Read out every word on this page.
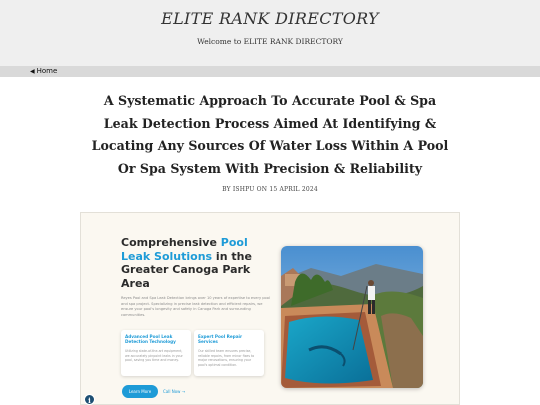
ELITE RANK DIRECTORY
Welcome to ELITE RANK DIRECTORY
◀ Home
A Systematic Approach To Accurate Pool & Spa Leak Detection Process Aimed At Identifying & Locating Any Sources Of Water Loss Within A Pool Or Spa System With Precision & Reliability
BY ISHPU ON 15 APRIL 2024
Comprehensive Pool Leak Solutions in the Greater Canoga Park Area
Reyes Pool and Spa Leak Detection brings over 10 years of expertise to every pool and spa project. Specializing in precise leak detection and efficient repairs, we ensure your pool's longevity and safety in Canoga Park and surrounding communities.
Advanced Pool Leak Detection Technology
Utilizing state-of-the-art equipment, we accurately pinpoint leaks in your pool, saving you time and money.
Expert Pool Repair Services
Our skilled team ensures precise, reliable repairs, from minor fixes to major renovations, ensuring your pool's optimal condition.
Learn More	Call Now →
i
